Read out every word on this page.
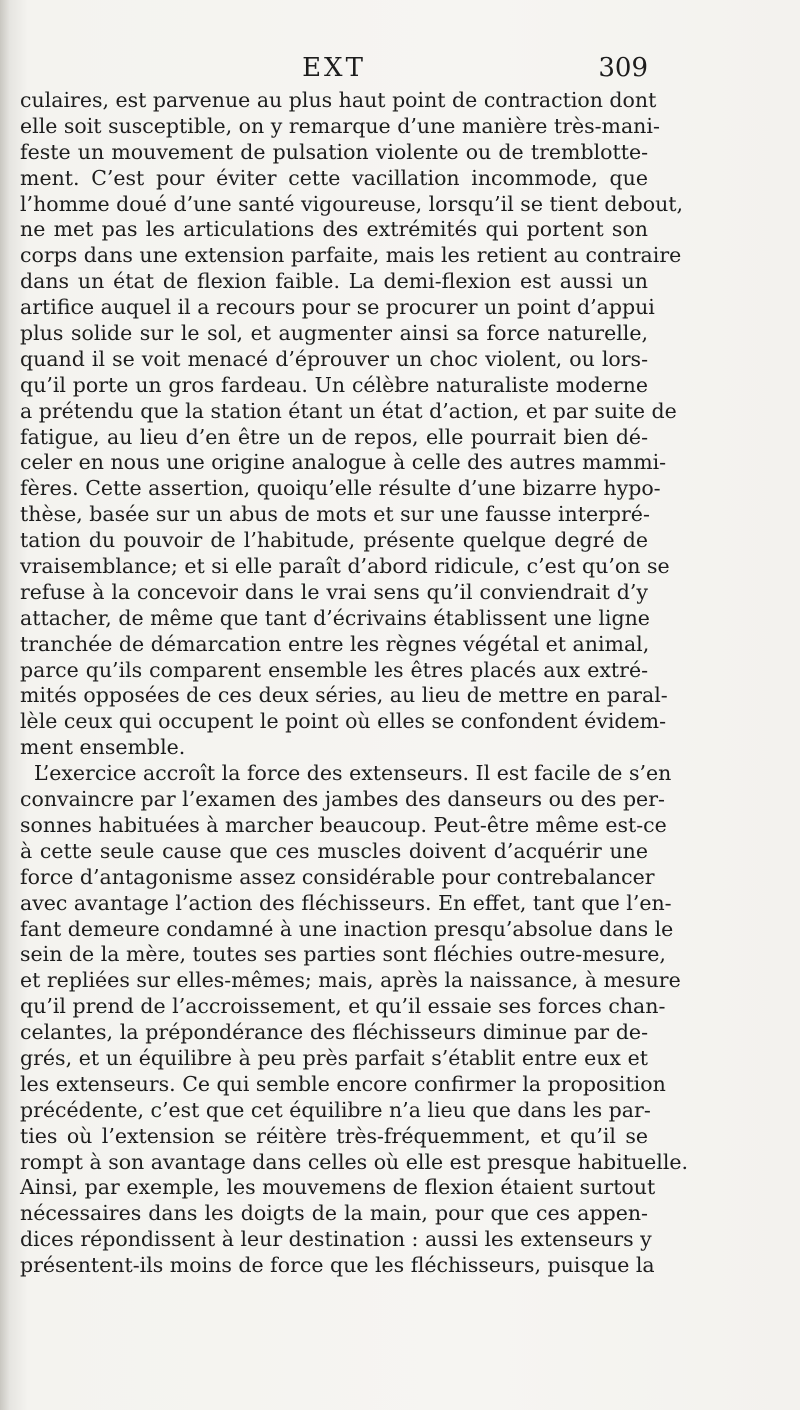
EXT	309
culaires, est parvenue au plus haut point de contraction dont
elle soit susceptible, on y remarque d’une manière très-mani-
feste un mouvement de pulsation violente ou de tremblotte-
ment. C’est pour éviter cette vacillation incommode, que
l’homme doué d’une santé vigoureuse, lorsqu’il se tient debout,
ne met pas les articulations des extrémités qui portent son
corps dans une extension parfaite, mais les retient au contraire
dans un état de flexion faible. La demi-flexion est aussi un
artifice auquel il a recours pour se procurer un point d’appui
plus solide sur le sol, et augmenter ainsi sa force naturelle,
quand il se voit menacé d’éprouver un choc violent, ou lors-
qu’il porte un gros fardeau. Un célèbre naturaliste moderne
a prétendu que la station étant un état d’action, et par suite de
fatigue, au lieu d’en être un de repos, elle pourrait bien dé-
celer en nous une origine analogue à celle des autres mammi-
fères. Cette assertion, quoiqu’elle résulte d’une bizarre hypo-
thèse, basée sur un abus de mots et sur une fausse interpré-
tation du pouvoir de l’habitude, présente quelque degré de
vraisemblance; et si elle paraît d’abord ridicule, c’est qu’on se
refuse à la concevoir dans le vrai sens qu’il conviendrait d’y
attacher, de même que tant d’écrivains établissent une ligne
tranchée de démarcation entre les règnes végétal et animal,
parce qu’ils comparent ensemble les êtres placés aux extré-
mités opposées de ces deux séries, au lieu de mettre en paral-
lèle ceux qui occupent le point où elles se confondent évidem-
ment ensemble.
L’exercice accroît la force des extenseurs. Il est facile de s’en
convaincre par l’examen des jambes des danseurs ou des per-
sonnes habituées à marcher beaucoup. Peut-être même est-ce
à cette seule cause que ces muscles doivent d’acquérir une
force d’antagonisme assez considérable pour contrebalancer
avec avantage l’action des fléchisseurs. En effet, tant que l’en-
fant demeure condamné à une inaction presqu’absolue dans le
sein de la mère, toutes ses parties sont fléchies outre-mesure,
et repliées sur elles-mêmes; mais, après la naissance, à mesure
qu’il prend de l’accroissement, et qu’il essaie ses forces chan-
celantes, la prépondérance des fléchisseurs diminue par de-
grés, et un équilibre à peu près parfait s’établit entre eux et
les extenseurs. Ce qui semble encore confirmer la proposition
précédente, c’est que cet équilibre n’a lieu que dans les par-
ties où l’extension se réitère très-fréquemment, et qu’il se
rompt à son avantage dans celles où elle est presque habituelle.
Ainsi, par exemple, les mouvemens de flexion étaient surtout
nécessaires dans les doigts de la main, pour que ces appen-
dices répondissent à leur destination : aussi les extenseurs y
présentent-ils moins de force que les fléchisseurs, puisque la
